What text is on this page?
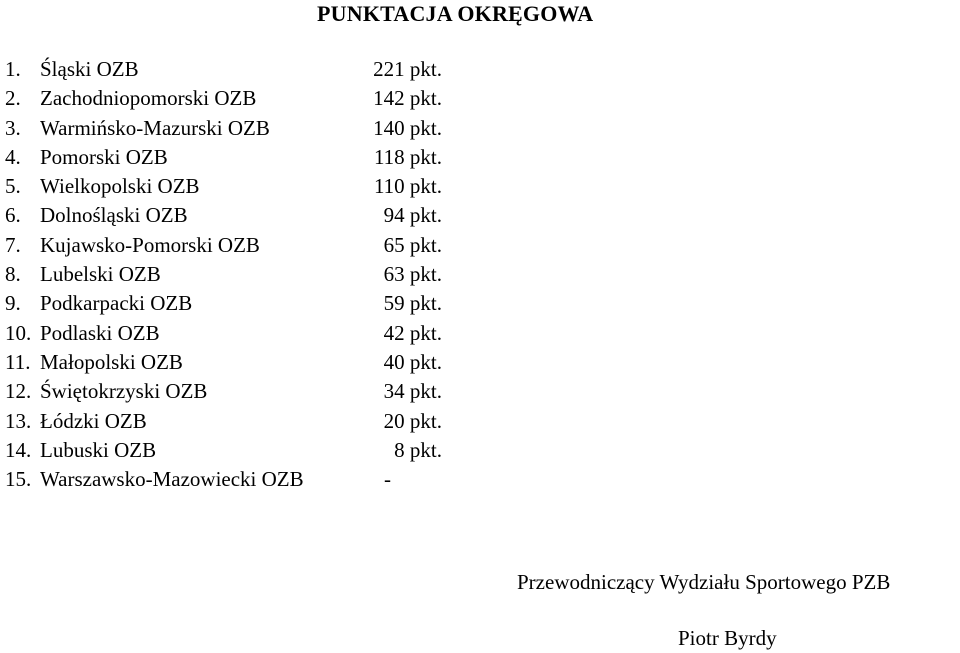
PUNKTACJA OKRĘGOWA
1. Śląski OZB	221 pkt.
2. Zachodniopomorski OZB	142 pkt.
3. Warmińsko-Mazurski OZB	140 pkt.
4. Pomorski OZB	118 pkt.
5. Wielkopolski OZB	110 pkt.
6. Dolnośląski OZB	94 pkt.
7. Kujawsko-Pomorski OZB	65 pkt.
8. Lubelski OZB	63 pkt.
9. Podkarpacki OZB	59 pkt.
10. Podlaski OZB	42 pkt.
11. Małopolski OZB	40 pkt.
12. Świętokrzyski OZB	34 pkt.
13. Łódzki OZB	20 pkt.
14. Lubuski OZB	8 pkt.
15. Warszawsko-Mazowiecki OZB	-
Przewodniczący Wydziału Sportowego PZB
Piotr Byrdy
